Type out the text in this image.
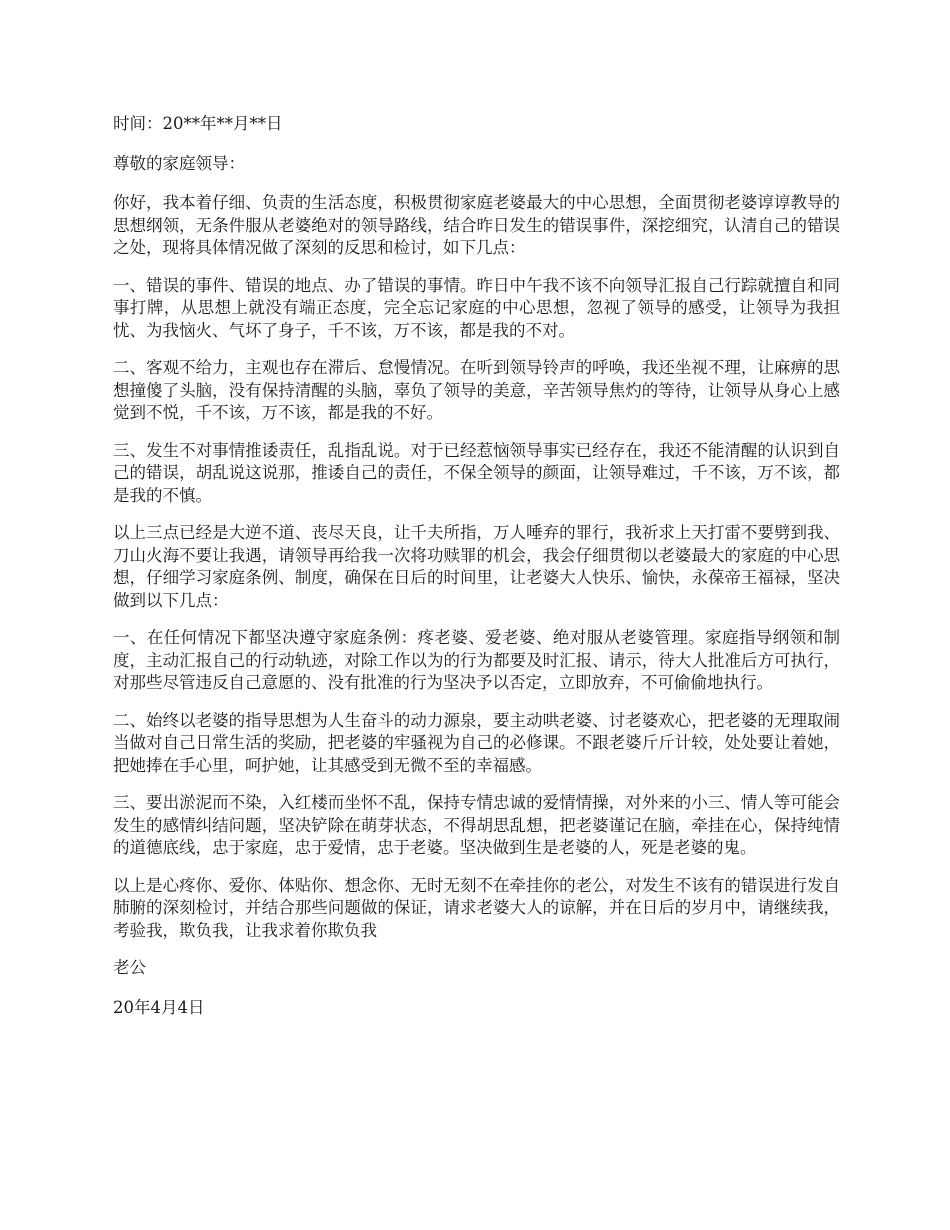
时间：20**年**月**日

尊敬的家庭领导：

你好，我本着仔细、负责的生活态度，积极贯彻家庭老婆最大的中心思想，全面贯彻老婆谆谆教导的思想纲领，无条件服从老婆绝对的领导路线，结合昨日发生的错误事件，深挖细究，认清自己的错误之处，现将具体情况做了深刻的反思和检讨，如下几点：

一、错误的事件、错误的地点、办了错误的事情。昨日中午我不该不向领导汇报自己行踪就擅自和同事打牌，从思想上就没有端正态度，完全忘记家庭的中心思想，忽视了领导的感受，让领导为我担忧、为我恼火、气坏了身子，千不该，万不该，都是我的不对。

二、客观不给力，主观也存在滞后、怠慢情况。在听到领导铃声的呼唤，我还坐视不理，让麻痹的思想撞傻了头脑，没有保持清醒的头脑，辜负了领导的美意，辛苦领导焦灼的等待，让领导从身心上感觉到不悦，千不该，万不该，都是我的不好。

三、发生不对事情推诿责任，乱指乱说。对于已经惹恼领导事实已经存在，我还不能清醒的认识到自己的错误，胡乱说这说那，推诿自己的责任，不保全领导的颜面，让领导难过，千不该，万不该，都是我的不慎。

以上三点已经是大逆不道、丧尽天良，让千夫所指，万人唾弃的罪行，我祈求上天打雷不要劈到我、刀山火海不要让我遇，请领导再给我一次将功赎罪的机会，我会仔细贯彻以老婆最大的家庭的中心思想，仔细学习家庭条例、制度，确保在日后的时间里，让老婆大人快乐、愉快，永葆帝王福禄，坚决做到以下几点：

一、在任何情况下都坚决遵守家庭条例：疼老婆、爱老婆、绝对服从老婆管理。家庭指导纲领和制度，主动汇报自己的行动轨迹，对除工作以为的行为都要及时汇报、请示，待大人批准后方可执行，对那些尽管违反自己意愿的、没有批准的行为坚决予以否定，立即放弃，不可偷偷地执行。

二、始终以老婆的指导思想为人生奋斗的动力源泉，要主动哄老婆、讨老婆欢心，把老婆的无理取闹当做对自己日常生活的奖励，把老婆的牢骚视为自己的必修课。不跟老婆斤斤计较，处处要让着她，把她捧在手心里，呵护她，让其感受到无微不至的幸福感。

三、要出淤泥而不染，入红楼而坐怀不乱，保持专情忠诚的爱情情操，对外来的小三、情人等可能会发生的感情纠结问题，坚决铲除在萌芽状态，不得胡思乱想，把老婆谨记在脑，牵挂在心，保持纯情的道德底线，忠于家庭，忠于爱情，忠于老婆。坚决做到生是老婆的人，死是老婆的鬼。

以上是心疼你、爱你、体贴你、想念你、无时无刻不在牵挂你的老公，对发生不该有的错误进行发自肺腑的深刻检讨，并结合那些问题做的保证，请求老婆大人的谅解，并在日后的岁月中，请继续我，考验我，欺负我，让我求着你欺负我

老公

20年4月4日
